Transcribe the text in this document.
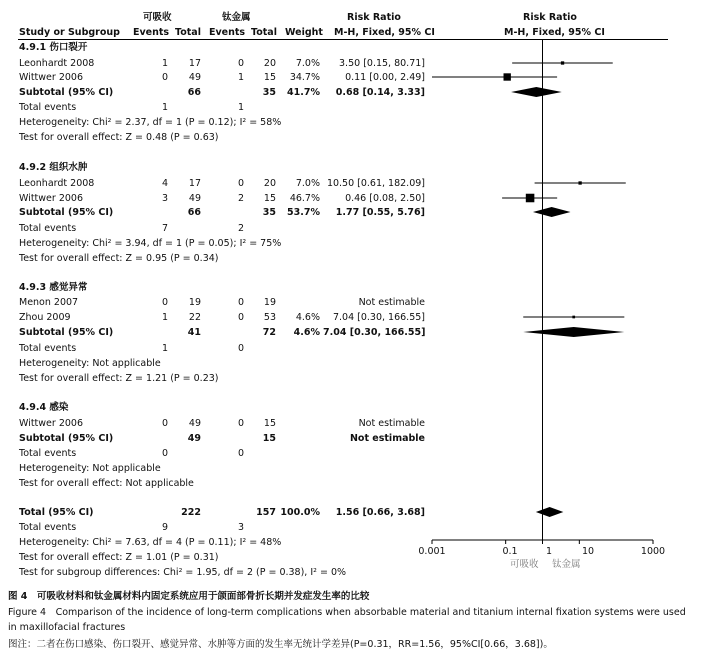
可吸收	钛金属	Risk Ratio	Risk Ratio
Study or Subgroup Events Total Events Total Weight M-H, Fixed, 95% CI	M-H, Fixed, 95% CI
4.9.1 伤口裂开
Leonhardt 2008	1	17	0	20	7.0%	3.50 [0.15, 80.71]
Wittwer 2006	0	49	1	15	34.7%	0.11 [0.00, 2.49]
Subtotal (95% CI)	66	35	41.7%	0.68 [0.14, 3.33]
Total events	1	1
Heterogeneity: Chi² = 2.37, df = 1 (P = 0.12); I² = 58%
Test for overall effect: Z = 0.48 (P = 0.63)
4.9.2 组织水肿
Leonhardt 2008	4	17	0	20	7.0% 10.50 [0.61, 182.09]
Wittwer 2006	3	49	2	15	46.7%	0.46 [0.08, 2.50]
Subtotal (95% CI)	66	35	53.7%	1.77 [0.55, 5.76]
Total events	7	2
Heterogeneity: Chi² = 3.94, df = 1 (P = 0.05); I² = 75%
Test for overall effect: Z = 0.95 (P = 0.34)
4.9.3 感觉异常
Menon 2007	0	19	0	19	Not estimable
Zhou 2009	1	22	0	53	4.6%	7.04 [0.30, 166.55]
Subtotal (95% CI)	41	72	4.6% 7.04 [0.30, 166.55]
Total events	1	0
Heterogeneity: Not applicable
Test for overall effect: Z = 1.21 (P = 0.23)
4.9.4 感染
Wittwer 2006	0	49	0	15	Not estimable
Subtotal (95% CI)	49	15	Not estimable
Total events	0	0
Heterogeneity: Not applicable
Test for overall effect: Not applicable
Total (95% CI)	222	157 100.0%	1.56 [0.66, 3.68]
Total events	9	3
Heterogeneity: Chi² = 7.63, df = 4 (P = 0.11); I² = 48%
Test for overall effect: Z = 1.01 (P = 0.31)
Test for subgroup differences: Chi² = 1.95, df = 2 (P = 0.38), I² = 0%
0.001	0.1	1	10	1000
可吸收 钛金属
图 4　可吸收材料和钛金属材料内固定系统应用于颌面部骨折长期并发症发生率的比较
Figure 4　Comparison of the incidence of long-term complications when absorbable material and titanium internal fixation systems were used
in maxillofacial fractures
图注：二者在伤口感染、伤口裂开、感觉异常、水肿等方面的发生率无统计学差异(P=0.31，RR=1.56，95%CI[0.66，3.68])。
